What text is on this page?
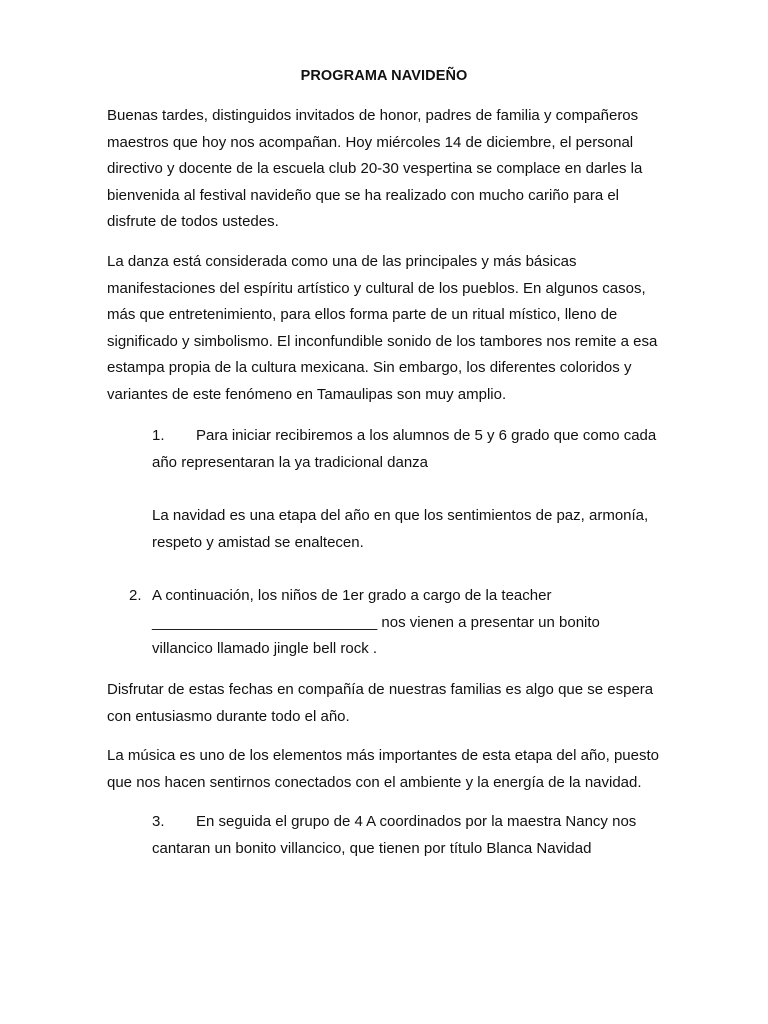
PROGRAMA NAVIDEÑO
Buenas tardes, distinguidos invitados de honor, padres de familia y compañeros
maestros que hoy nos acompañan. Hoy miércoles 14 de diciembre, el personal
directivo y docente de la escuela club 20-30 vespertina se complace en darles la
bienvenida al festival navideño que se ha realizado con mucho cariño para el
disfrute de todos ustedes.
La danza está considerada como una de las principales y más básicas
manifestaciones del espíritu artístico y cultural de los pueblos. En algunos casos,
más que entretenimiento, para ellos forma parte de un ritual místico, lleno de
significado y simbolismo. El inconfundible sonido de los tambores nos remite a esa
estampa propia de la cultura mexicana. Sin embargo, los diferentes coloridos y
variantes de este fenómeno en Tamaulipas son muy amplio.
1.	Para iniciar recibiremos a los alumnos de 5 y 6 grado que como cada
año representaran la ya tradicional danza
La navidad es una etapa del año en que los sentimientos de paz, armonía,
respeto y amistad se enaltecen.
2. A continuación, los niños de 1er grado a cargo de la teacher
___________________________ nos vienen a presentar un bonito
villancico llamado jingle bell rock .
Disfrutar de estas fechas en compañía de nuestras familias es algo que se espera
con entusiasmo durante todo el año.
La música es uno de los elementos más importantes de esta etapa del año, puesto
que nos hacen sentirnos conectados con el ambiente y la energía de la navidad.
3.	En seguida el grupo de 4 A coordinados por la maestra Nancy nos
cantaran un bonito villancico, que tienen por título Blanca Navidad
